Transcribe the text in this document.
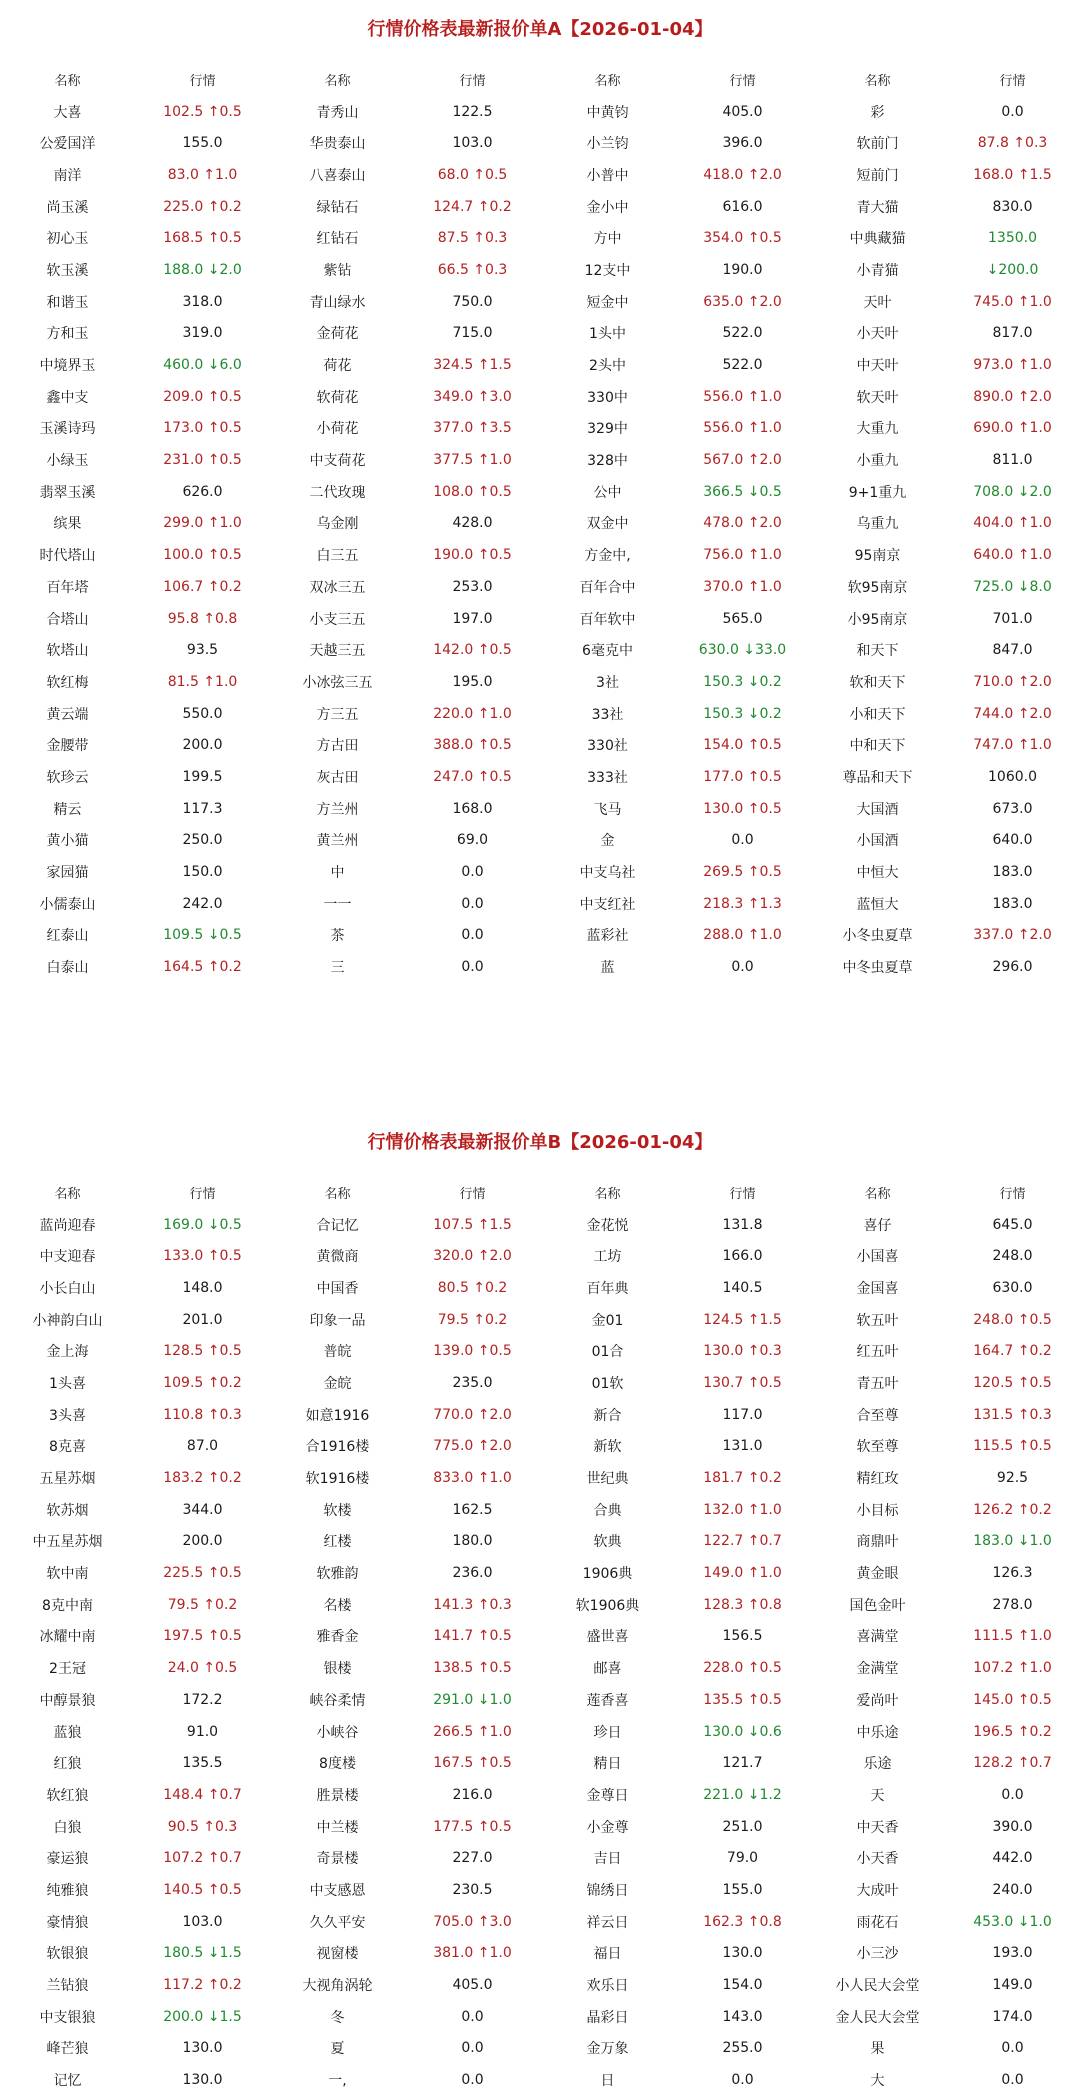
行情价格表最新报价单A【2026-01-04】
名称	行情	名称	行情	名称	行情	名称	行情
大喜	102.5 ↑0.5	青秀山	122.5	中黄钧	405.0	彩	0.0
公爱国洋	155.0	华贵泰山	103.0	小兰钧	396.0	软前门	87.8 ↑0.3
南洋	83.0 ↑1.0	八喜泰山	68.0 ↑0.5	小普中	418.0 ↑2.0	短前门	168.0 ↑1.5
尚玉溪	225.0 ↑0.2	绿钻石	124.7 ↑0.2	金小中	616.0	青大猫	830.0
初心玉	168.5 ↑0.5	红钻石	87.5 ↑0.3	方中	354.0 ↑0.5	中典藏猫	1350.0
软玉溪	188.0 ↓2.0	紫钻	66.5 ↑0.3	12支中	190.0	小青猫	↓200.0
和谐玉	318.0	青山绿水	750.0	短金中	635.0 ↑2.0	天叶	745.0 ↑1.0
方和玉	319.0	金荷花	715.0	1头中	522.0	小天叶	817.0
中境界玉	460.0 ↓6.0	荷花	324.5 ↑1.5	2头中	522.0	中天叶	973.0 ↑1.0
鑫中支	209.0 ↑0.5	软荷花	349.0 ↑3.0	330中	556.0 ↑1.0	软天叶	890.0 ↑2.0
玉溪诗玛	173.0 ↑0.5	小荷花	377.0 ↑3.5	329中	556.0 ↑1.0	大重九	690.0 ↑1.0
小绿玉	231.0 ↑0.5	中支荷花	377.5 ↑1.0	328中	567.0 ↑2.0	小重九	811.0
翡翠玉溪	626.0	二代玫瑰	108.0 ↑0.5	公中	366.5 ↓0.5	9+1重九	708.0 ↓2.0
缤果	299.0 ↑1.0	乌金刚	428.0	双金中	478.0 ↑2.0	乌重九	404.0 ↑1.0
时代塔山	100.0 ↑0.5	白三五	190.0 ↑0.5	方金中,	756.0 ↑1.0	95南京	640.0 ↑1.0
百年塔	106.7 ↑0.2	双冰三五	253.0	百年合中	370.0 ↑1.0	软95南京	725.0 ↓8.0
合塔山	95.8 ↑0.8	小支三五	197.0	百年软中	565.0	小95南京	701.0
软塔山	93.5	天越三五	142.0 ↑0.5	6毫克中	630.0 ↓33.0	和天下	847.0
软红梅	81.5 ↑1.0	小冰弦三五	195.0	3社	150.3 ↓0.2	软和天下	710.0 ↑2.0
黄云端	550.0	方三五	220.0 ↑1.0	33社	150.3 ↓0.2	小和天下	744.0 ↑2.0
金腰带	200.0	方古田	388.0 ↑0.5	330社	154.0 ↑0.5	中和天下	747.0 ↑1.0
软珍云	199.5	灰古田	247.0 ↑0.5	333社	177.0 ↑0.5	尊品和天下	1060.0
精云	117.3	方兰州	168.0	飞马	130.0 ↑0.5	大国酒	673.0
黄小猫	250.0	黄兰州	69.0	金	0.0	小国酒	640.0
家园猫	150.0	中	0.0	中支乌社	269.5 ↑0.5	中恒大	183.0
小儒泰山	242.0	一一	0.0	中支红社	218.3 ↑1.3	蓝恒大	183.0
红泰山	109.5 ↓0.5	茶	0.0	蓝彩社	288.0 ↑1.0	小冬虫夏草	337.0 ↑2.0
白泰山	164.5 ↑0.2	三	0.0	蓝	0.0	中冬虫夏草	296.0
行情价格表最新报价单B【2026-01-04】
名称	行情	名称	行情	名称	行情	名称	行情
蓝尚迎春	169.0 ↓0.5	合记忆	107.5 ↑1.5	金花悦	131.8	喜仔	645.0
中支迎春	133.0 ↑0.5	黄微商	320.0 ↑2.0	工坊	166.0	小国喜	248.0
小长白山	148.0	中国香	80.5 ↑0.2	百年典	140.5	金国喜	630.0
小神韵白山	201.0	印象一品	79.5 ↑0.2	金01	124.5 ↑1.5	软五叶	248.0 ↑0.5
金上海	128.5 ↑0.5	普皖	139.0 ↑0.5	01合	130.0 ↑0.3	红五叶	164.7 ↑0.2
1头喜	109.5 ↑0.2	金皖	235.0	01软	130.7 ↑0.5	青五叶	120.5 ↑0.5
3头喜	110.8 ↑0.3	如意1916	770.0 ↑2.0	新合	117.0	合至尊	131.5 ↑0.3
8克喜	87.0	合1916楼	775.0 ↑2.0	新软	131.0	软至尊	115.5 ↑0.5
五星苏烟	183.2 ↑0.2	软1916楼	833.0 ↑1.0	世纪典	181.7 ↑0.2	精红玫	92.5
软苏烟	344.0	软楼	162.5	合典	132.0 ↑1.0	小目标	126.2 ↑0.2
中五星苏烟	200.0	红楼	180.0	软典	122.7 ↑0.7	商鼎叶	183.0 ↓1.0
软中南	225.5 ↑0.5	软雅韵	236.0	1906典	149.0 ↑1.0	黄金眼	126.3
8克中南	79.5 ↑0.2	名楼	141.3 ↑0.3	软1906典	128.3 ↑0.8	国色金叶	278.0
冰耀中南	197.5 ↑0.5	雅香金	141.7 ↑0.5	盛世喜	156.5	喜满堂	111.5 ↑1.0
2王冠	24.0 ↑0.5	银楼	138.5 ↑0.5	邮喜	228.0 ↑0.5	金满堂	107.2 ↑1.0
中醇景狼	172.2	峡谷柔情	291.0 ↓1.0	莲香喜	135.5 ↑0.5	爱尚叶	145.0 ↑0.5
蓝狼	91.0	小峡谷	266.5 ↑1.0	珍日	130.0 ↓0.6	中乐途	196.5 ↑0.2
红狼	135.5	8度楼	167.5 ↑0.5	精日	121.7	乐途	128.2 ↑0.7
软红狼	148.4 ↑0.7	胜景楼	216.0	金尊日	221.0 ↓1.2	天	0.0
白狼	90.5 ↑0.3	中兰楼	177.5 ↑0.5	小金尊	251.0	中天香	390.0
豪运狼	107.2 ↑0.7	奇景楼	227.0	吉日	79.0	小天香	442.0
纯雅狼	140.5 ↑0.5	中支感恩	230.5	锦绣日	155.0	大成叶	240.0
豪情狼	103.0	久久平安	705.0 ↑3.0	祥云日	162.3 ↑0.8	雨花石	453.0 ↓1.0
软银狼	180.5 ↓1.5	视窗楼	381.0 ↑1.0	福日	130.0	小三沙	193.0
兰钻狼	117.2 ↑0.2	大视角涡轮	405.0	欢乐日	154.0	小人民大会堂	149.0
中支银狼	200.0 ↓1.5	冬	0.0	晶彩日	143.0	金人民大会堂	174.0
峰芒狼	130.0	夏	0.0	金万象	255.0	果	0.0
记忆	130.0	一,	0.0	日	0.0	大	0.0
